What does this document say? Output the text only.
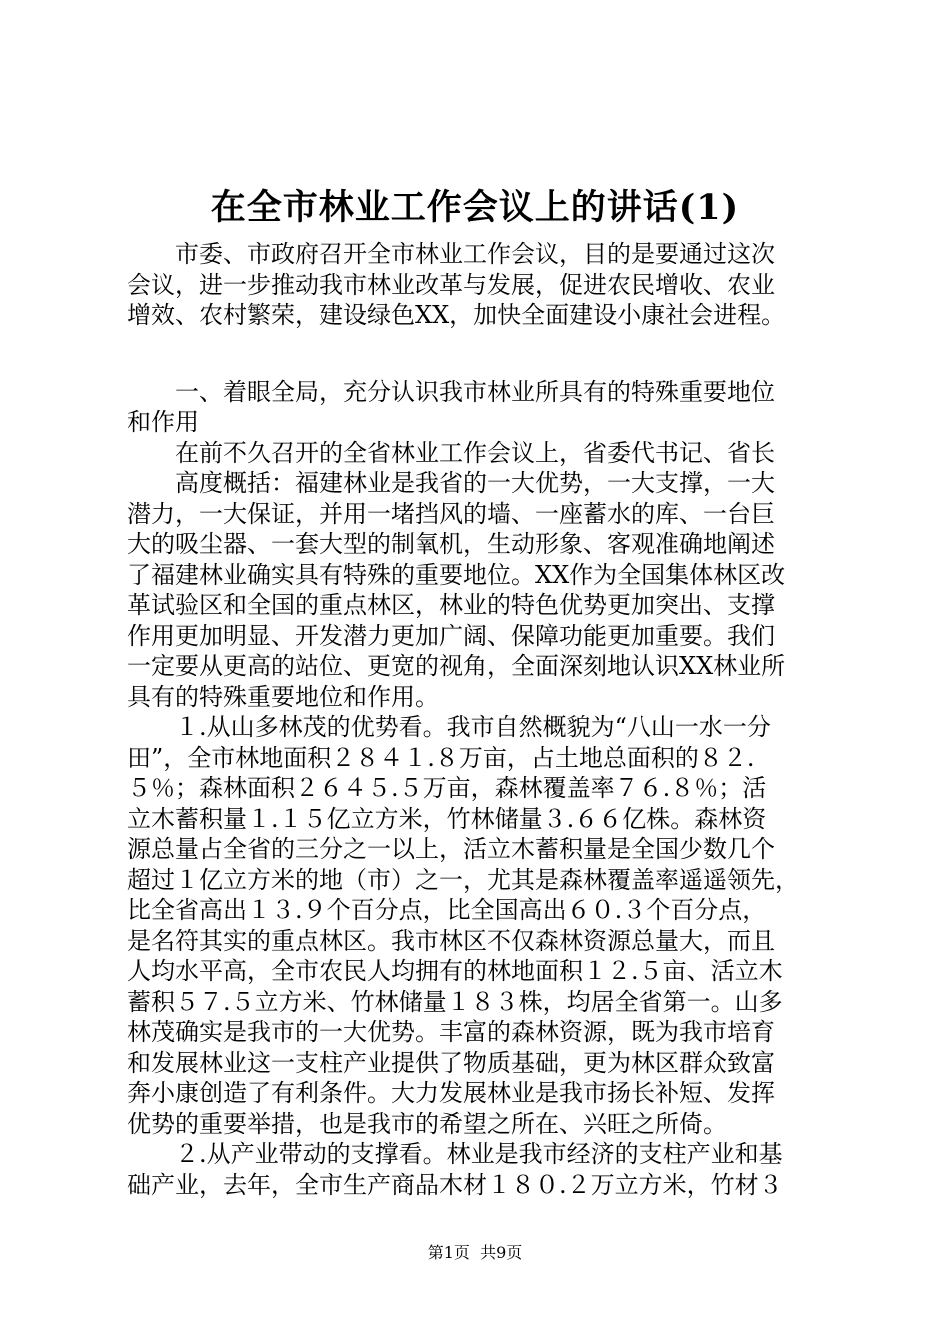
在全市林业工作会议上的讲话(1)
　　市委、市政府召开全市林业工作会议，目的是要通过这次
会议，进一步推动我市林业改革与发展，促进农民增收、农业
增效、农村繁荣，建设绿色XX，加快全面建设小康社会进程。
　　一、着眼全局，充分认识我市林业所具有的特殊重要地位
和作用
　　在前不久召开的全省林业工作会议上，省委代书记、省长
　　高度概括：福建林业是我省的一大优势，一大支撑，一大
潜力，一大保证，并用一堵挡风的墙、一座蓄水的库、一台巨
大的吸尘器、一套大型的制氧机，生动形象、客观准确地阐述
了福建林业确实具有特殊的重要地位。XX作为全国集体林区改
革试验区和全国的重点林区，林业的特色优势更加突出、支撑
作用更加明显、开发潜力更加广阔、保障功能更加重要。我们
一定要从更高的站位、更宽的视角，全面深刻地认识XX林业所
具有的特殊重要地位和作用。
　　１.从山多林茂的优势看。我市自然概貌为“八山一水一分
田”，全市林地面积２８４１.８万亩，占土地总面积的８２.
５％；森林面积２６４５.５万亩，森林覆盖率７６.８％；活
立木蓄积量１.１５亿立方米，竹林储量３.６６亿株。森林资
源总量占全省的三分之一以上，活立木蓄积量是全国少数几个
超过１亿立方米的地（市）之一，尤其是森林覆盖率遥遥领先，
比全省高出１３.９个百分点，比全国高出６０.３个百分点，
是名符其实的重点林区。我市林区不仅森林资源总量大，而且
人均水平高，全市农民人均拥有的林地面积１２.５亩、活立木
蓄积５７.５立方米、竹林储量１８３株，均居全省第一。山多
林茂确实是我市的一大优势。丰富的森林资源，既为我市培育
和发展林业这一支柱产业提供了物质基础，更为林区群众致富
奔小康创造了有利条件。大力发展林业是我市扬长补短、发挥
优势的重要举措，也是我市的希望之所在、兴旺之所倚。
　　２.从产业带动的支撑看。林业是我市经济的支柱产业和基
础产业，去年，全市生产商品木材１８０.２万立方米，竹材３
第1页  共9页
